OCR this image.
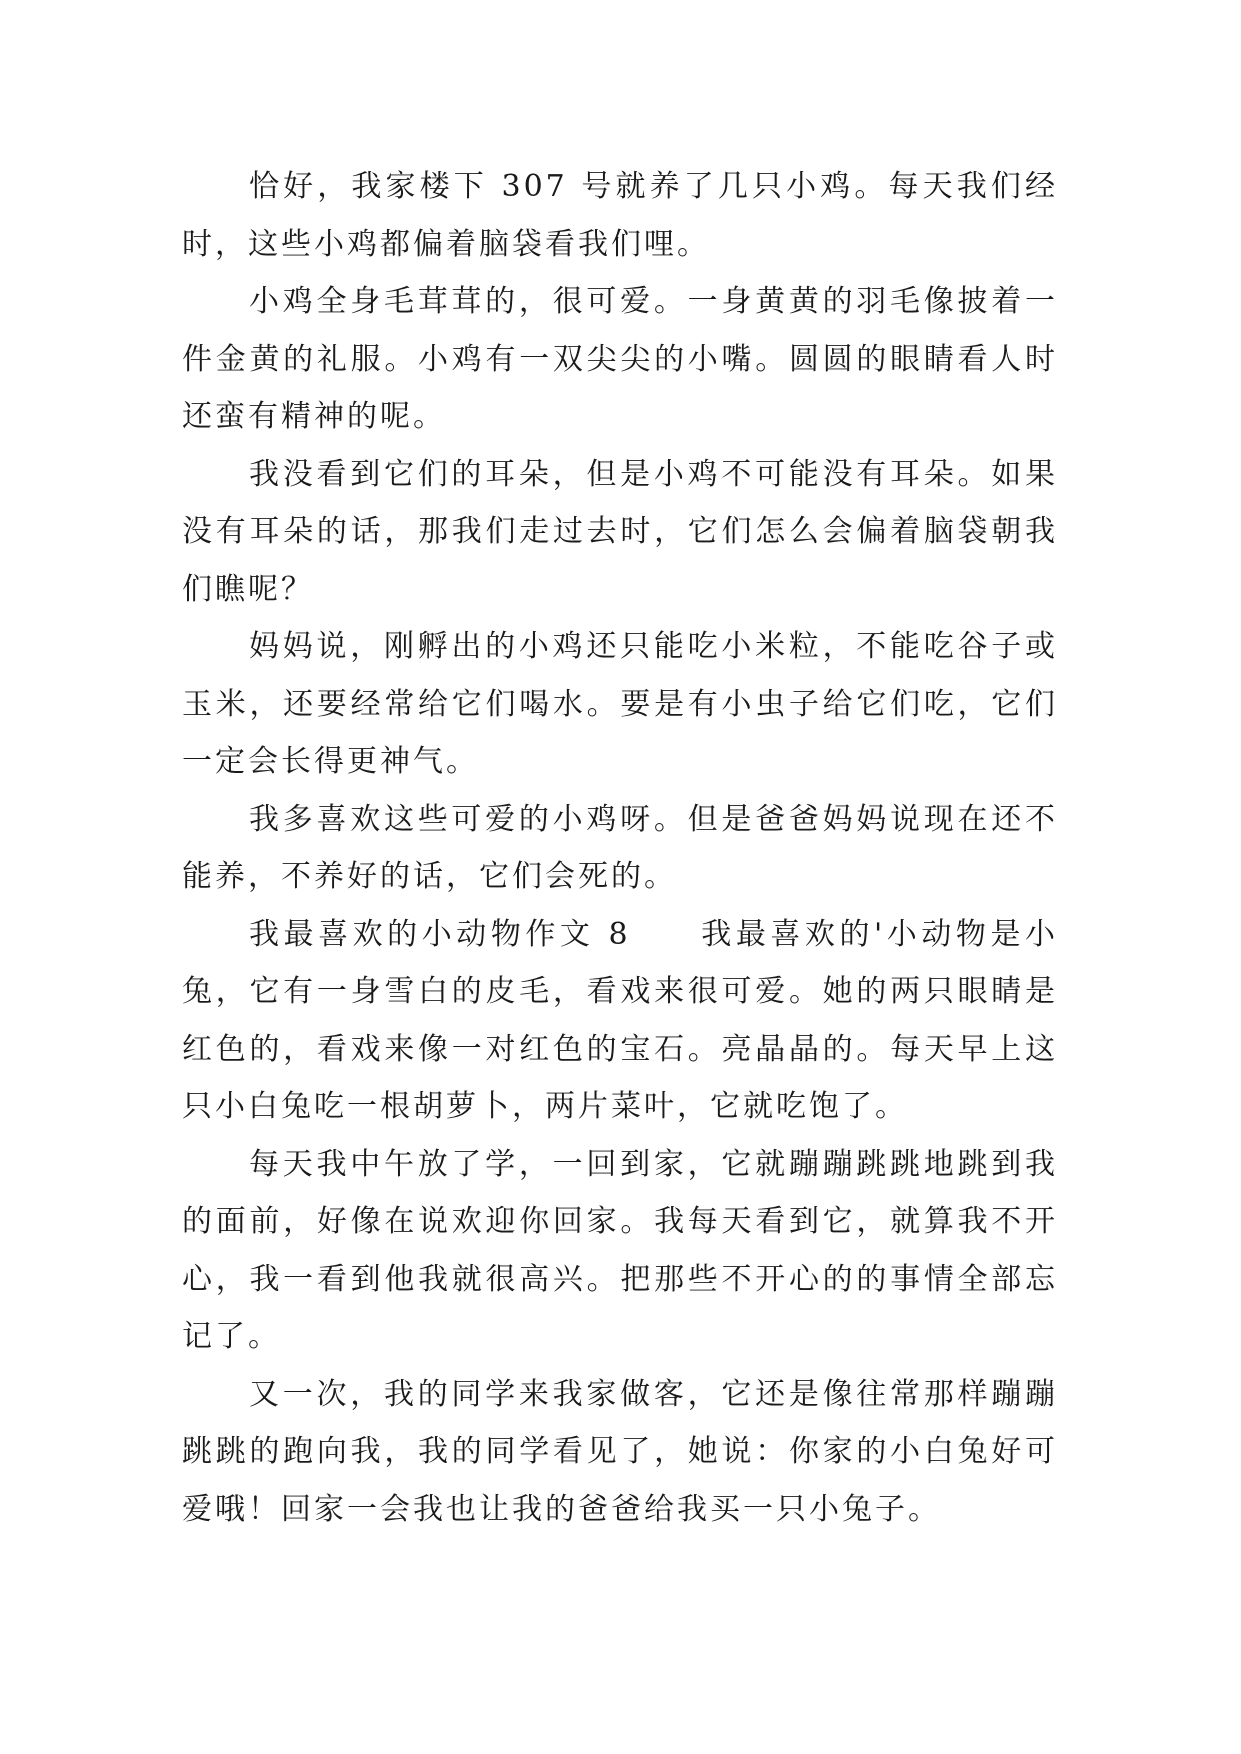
恰好，我家楼下 307 号就养了几只小鸡。每天我们经
时，这些小鸡都偏着脑袋看我们哩。
小鸡全身毛茸茸的，很可爱。一身黄黄的羽毛像披着一
件金黄的礼服。小鸡有一双尖尖的小嘴。圆圆的眼睛看人时
还蛮有精神的呢。
我没看到它们的耳朵，但是小鸡不可能没有耳朵。如果
没有耳朵的话，那我们走过去时，它们怎么会偏着脑袋朝我
们瞧呢？
妈妈说，刚孵出的小鸡还只能吃小米粒，不能吃谷子或
玉米，还要经常给它们喝水。要是有小虫子给它们吃，它们
一定会长得更神气。
我多喜欢这些可爱的小鸡呀。但是爸爸妈妈说现在还不
能养，不养好的话，它们会死的。
我最喜欢的小动物作文 8　　我最喜欢的'小动物是小
兔，它有一身雪白的皮毛，看戏来很可爱。她的两只眼睛是
红色的，看戏来像一对红色的宝石。亮晶晶的。每天早上这
只小白兔吃一根胡萝卜，两片菜叶，它就吃饱了。
每天我中午放了学，一回到家，它就蹦蹦跳跳地跳到我
的面前，好像在说欢迎你回家。我每天看到它，就算我不开
心，我一看到他我就很高兴。把那些不开心的的事情全部忘
记了。
又一次，我的同学来我家做客，它还是像往常那样蹦蹦
跳跳的跑向我，我的同学看见了，她说：你家的小白兔好可
爱哦！回家一会我也让我的爸爸给我买一只小兔子。
